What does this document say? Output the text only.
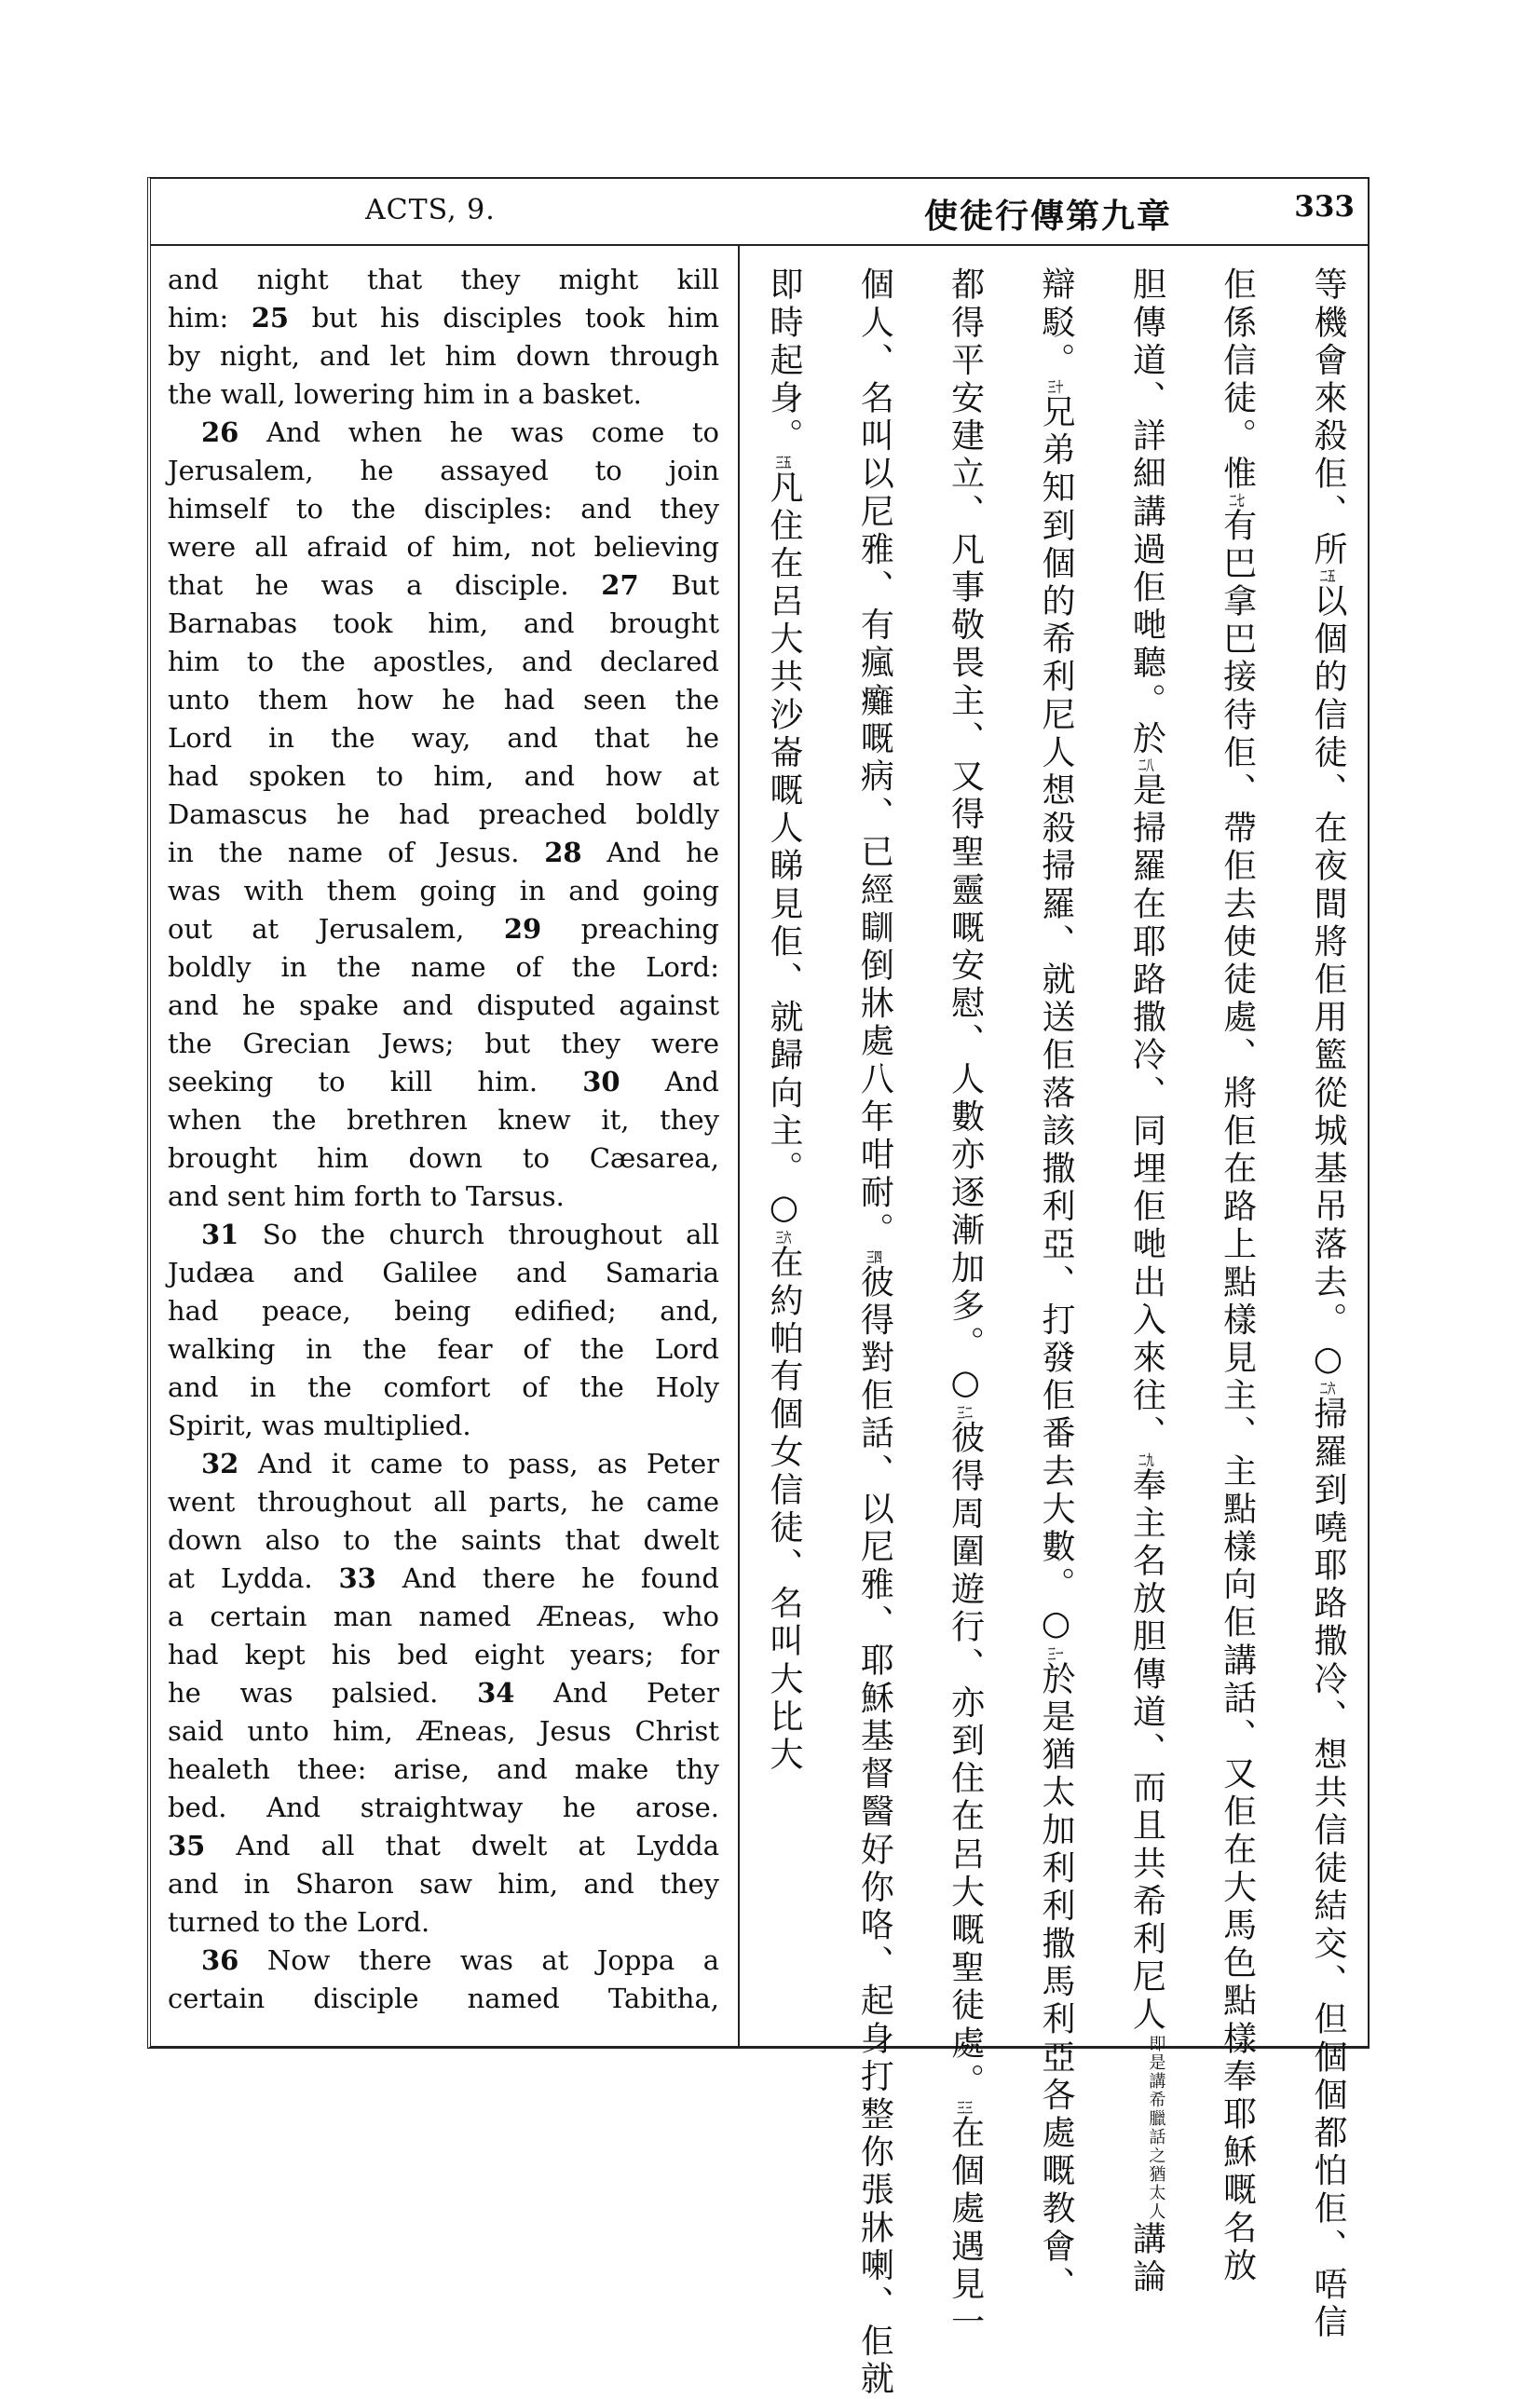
ACTS, 9.	使徒行傳第九章	333
and night that they might kill
him: 25 but his disciples took him
by night, and let him down through
the wall, lowering him in a basket.
26 And when he was come to
Jerusalem, he assayed to join
himself to the disciples: and they
were all afraid of him, not believing
that he was a disciple. 27 But
Barnabas took him, and brought
him to the apostles, and declared
unto them how he had seen the
Lord in the way, and that he
had spoken to him, and how at
Damascus he had preached boldly
in the name of Jesus. 28 And he
was with them going in and going
out at Jerusalem, 29 preaching
boldly in the name of the Lord:
and he spake and disputed against
the Grecian Jews; but they were
seeking to kill him. 30 And
when the brethren knew it, they
brought him down to Cæsarea,
and sent him forth to Tarsus.
31 So the church throughout all
Judæa and Galilee and Samaria
had peace, being edified; and,
walking in the fear of the Lord
and in the comfort of the Holy
Spirit, was multiplied.
32 And it came to pass, as Peter
went throughout all parts, he came
down also to the saints that dwelt
at Lydda. 33 And there he found
a certain man named Æneas, who
had kept his bed eight years; for
he was palsied. 34 And Peter
said unto him, Æneas, Jesus Christ
healeth thee: arise, and make thy
bed. And straightway he arose.
35 And all that dwelt at Lydda
and in Sharon saw him, and they
turned to the Lord.
36 Now there was at Joppa a
certain disciple named Tabitha,
等機會來殺佢、所二五以個的信徒、在夜間將佢用籃從城基吊落去。○二六掃羅到嘵耶路撒冷、想共信徒結交、但個個都怕佢、唔信
佢係信徒。惟二七有巴拿巴接待佢、帶佢去使徒處、將佢在路上點樣見主、主點樣向佢講話、又佢在大馬色點樣奉耶穌嘅名放
胆傳道、詳細講過佢哋聽。於二八是掃羅在耶路撒冷、同埋佢哋出入來往、二九奉主名放胆傳道、而且共希利尼人即是講希臘話之猶太人講論
辯駁。三十兄弟知到個的希利尼人想殺掃羅、就送佢落該撒利亞、打發佢番去大數。○三一於是猶太加利利撒馬利亞各處嘅教會、
都得平安建立、凡事敬畏主、又得聖靈嘅安慰、人數亦逐漸加多。○三二彼得周圍遊行、亦到住在呂大嘅聖徒處。三三在個處遇見一
個人、名叫以尼雅、有瘋癱嘅病、已經瞓倒牀處八年咁耐。三四彼得對佢話、以尼雅、耶穌基督醫好你咯、起身打整你張牀喇、佢就
即時起身。三五凡住在呂大共沙崙嘅人睇見佢、就歸向主。○三六在約帕有個女信徒、名叫大比大
